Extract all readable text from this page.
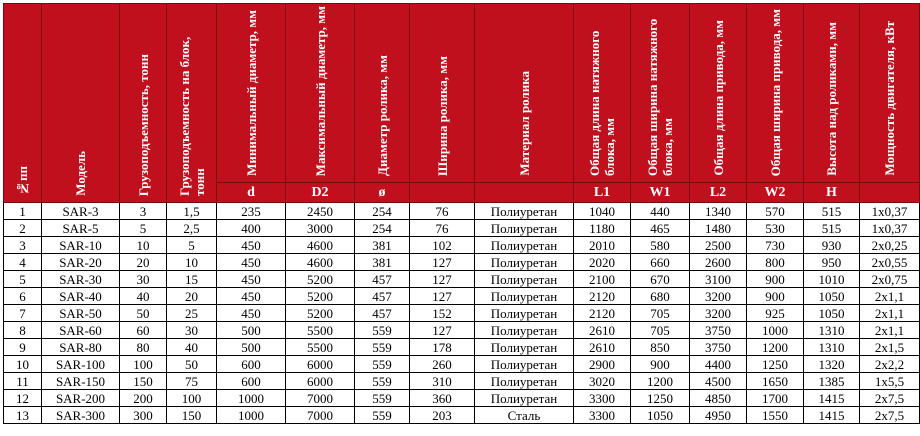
№пп	Модель	Грузоподъемность, тонн	Грузоподъемность на блок, тонн	Минимальный диаметр, мм	Максимальный диаметр, мм	Диаметр ролика, мм	Ширина ролика, мм	Материал ролика	Общая длина натяжного блока, мм	Общая ширина натяжного блока, мм	Общая длина привода, мм	Общая ширина привода, мм	Высота над роликами, мм	Мощность двигателя, кВт

				d	D2	ø			L1	W1	L2	W2	H	
1	SAR-3	3	1,5	235	2450	254	76	Полиуретан	1040	440	1340	570	515	1x0,37
2	SAR-5	5	2,5	400	3000	254	76	Полиуретан	1180	465	1480	530	515	1x0,37
3	SAR-10	10	5	450	4600	381	102	Полиуретан	2010	580	2500	730	930	2x0,25
4	SAR-20	20	10	450	4600	381	127	Полиуретан	2020	660	2600	800	950	2x0,55
5	SAR-30	30	15	450	5200	457	127	Полиуретан	2100	670	3100	900	1010	2x0,75
6	SAR-40	40	20	450	5200	457	127	Полиуретан	2120	680	3200	900	1050	2x1,1
7	SAR-50	50	25	450	5200	457	152	Полиуретан	2120	705	3200	925	1050	2x1,1
8	SAR-60	60	30	500	5500	559	127	Полиуретан	2610	705	3750	1000	1310	2x1,1
9	SAR-80	80	40	500	5500	559	178	Полиуретан	2610	850	3750	1200	1310	2x1,5
10	SAR-100	100	50	600	6000	559	260	Полиуретан	2900	900	4400	1250	1320	2x2,2
11	SAR-150	150	75	600	6000	559	310	Полиуретан	3020	1200	4500	1650	1385	1x5,5
12	SAR-200	200	100	1000	7000	559	360	Полиуретан	3300	1250	4850	1700	1415	2x7,5
13	SAR-300	300	150	1000	7000	559	203	Сталь	3300	1050	4950	1550	1415	2x7,5
